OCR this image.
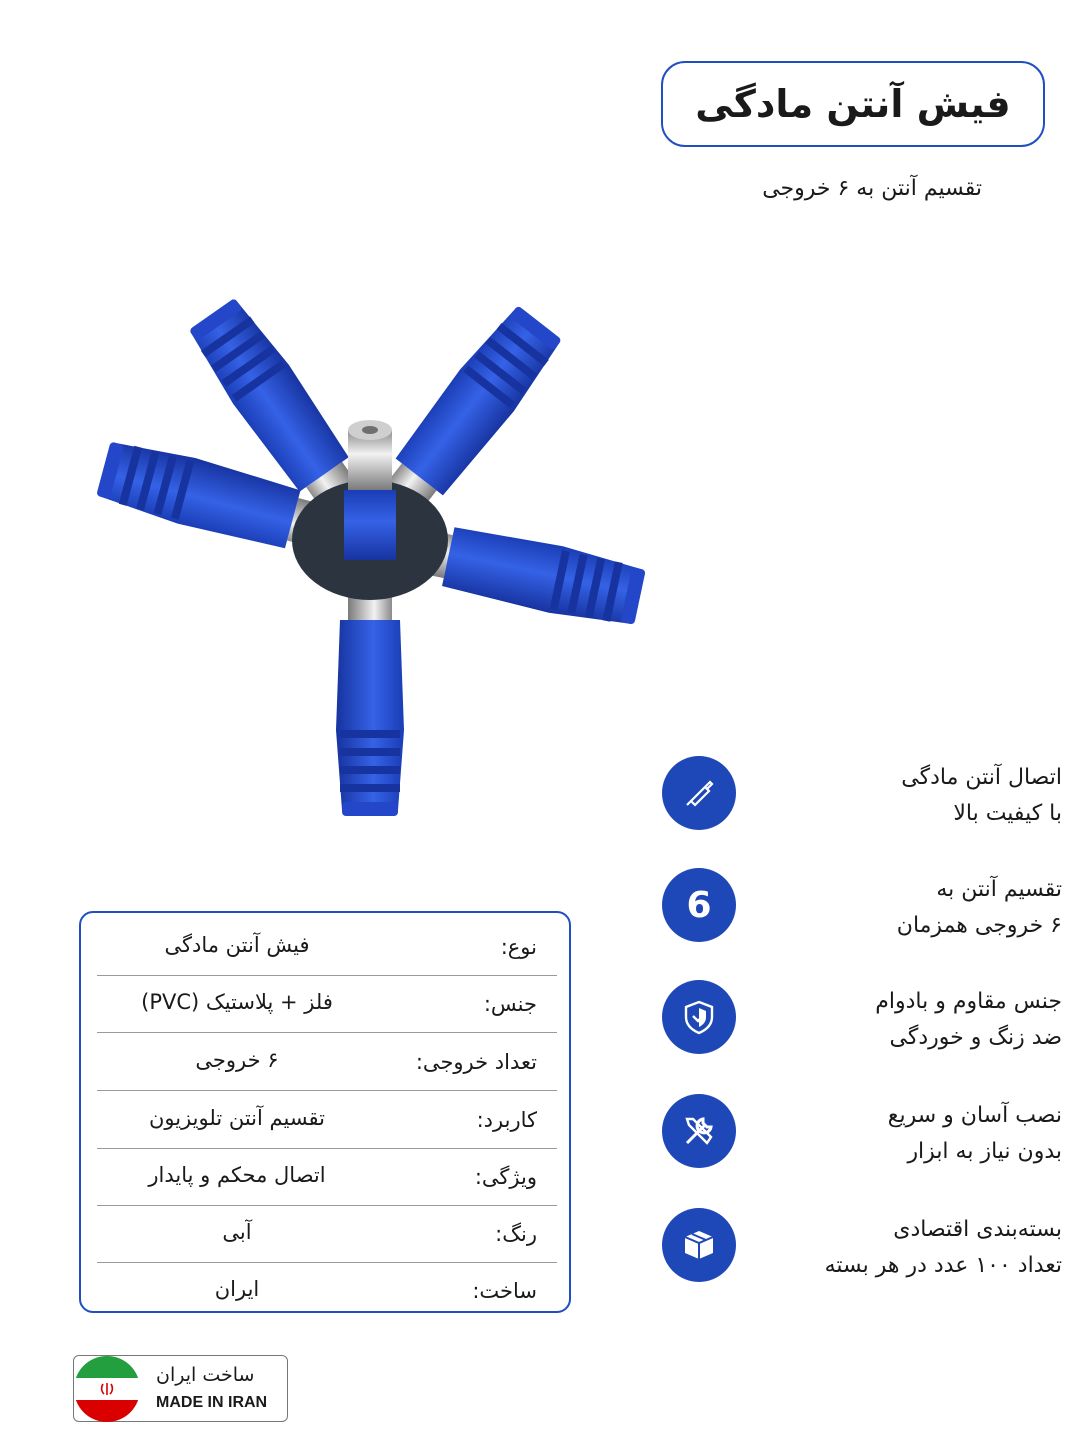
فیش آنتن مادگی
تقسیم آنتن به ۶ خروجی
اتصال آنتن مادگی
با کیفیت بالا
6	تقسیم آنتن به
۶ خروجی همزمان
جنس مقاوم و بادوام
ضد زنگ و خوردگی
نصب آسان و سریع
بدون نیاز به ابزار
بسته‌بندی اقتصادی
تعداد ۱۰۰ عدد در هر بسته
نوع:
فیش آنتن مادگی
جنس:
فلز + پلاستیک (PVC)
تعداد خروجی:
۶ خروجی
کاربرد:
تقسیم آنتن تلویزیون
ویژگی:
اتصال محکم و پایدار
رنگ:
آبی
ساخت:
ایران
ساخت ایران
MADE IN IRAN
